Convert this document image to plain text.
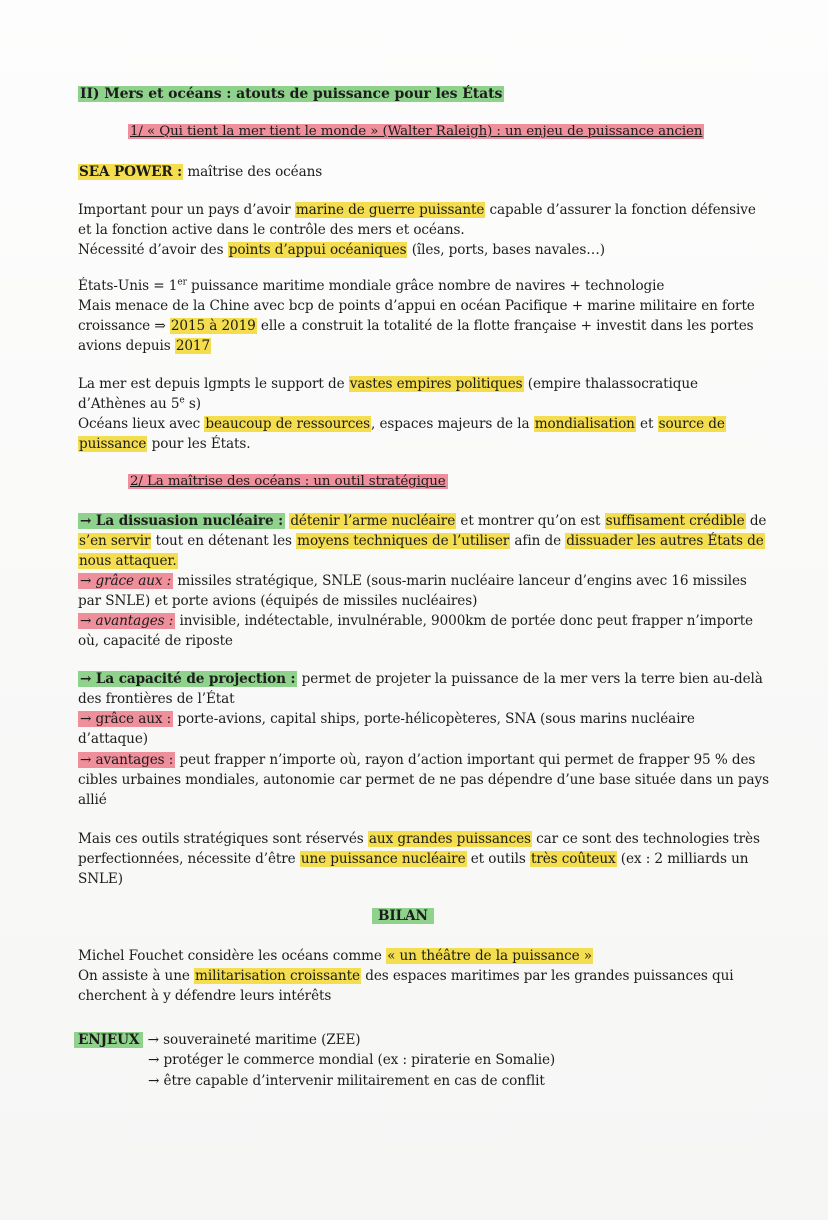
II) Mers et océans : atouts de puissance pour les États
1/ « Qui tient la mer tient le monde » (Walter Raleigh) : un enjeu de puissance ancien
SEA POWER : maîtrise des océans
Important pour un pays d’avoir marine de guerre puissante capable d’assurer la fonction défensive
et la fonction active dans le contrôle des mers et océans.
Nécessité d’avoir des points d’appui océaniques (îles, ports, bases navales…)
États-Unis = 1er puissance maritime mondiale grâce nombre de navires + technologie
Mais menace de la Chine avec bcp de points d’appui en océan Pacifique + marine militaire en forte
croissance ⇒ 2015 à 2019 elle a construit la totalité de la flotte française + investit dans les portes
avions depuis 2017
La mer est depuis lgmpts le support de vastes empires politiques (empire thalassocratique
d’Athènes au 5e s)
Océans lieux avec beaucoup de ressources, espaces majeurs de la mondialisation et source de
puissance pour les États.
2/ La maîtrise des océans : un outil stratégique
→ La dissuasion nucléaire : détenir l’arme nucléaire et montrer qu’on est suffisament crédible de
s’en servir tout en détenant les moyens techniques de l’utiliser afin de dissuader les autres États de
nous attaquer.
→ grâce aux : missiles stratégique, SNLE (sous-marin nucléaire lanceur d’engins avec 16 missiles
par SNLE) et porte avions (équipés de missiles nucléaires)
→ avantages : invisible, indétectable, invulnérable, 9000km de portée donc peut frapper n’importe
où, capacité de riposte
→ La capacité de projection : permet de projeter la puissance de la mer vers la terre bien au-delà
des frontières de l’État
→ grâce aux : porte-avions, capital ships, porte-hélicopèteres, SNA (sous marins nucléaire
d’attaque)
→ avantages : peut frapper n’importe où, rayon d’action important qui permet de frapper 95 % des
cibles urbaines mondiales, autonomie car permet de ne pas dépendre d’une base située dans un pays
allié
Mais ces outils stratégiques sont réservés aux grandes puissances car ce sont des technologies très
perfectionnées, nécessite d’être une puissance nucléaire et outils très coûteux (ex : 2 milliards un
SNLE)
BILAN
Michel Fouchet considère les océans comme « un théâtre de la puissance »
On assiste à une militarisation croissante des espaces maritimes par les grandes puissances qui
cherchent à y défendre leurs intérêts
ENJEUX → souveraineté maritime (ZEE)
→ protéger le commerce mondial (ex : piraterie en Somalie)
→ être capable d’intervenir militairement en cas de conflit
